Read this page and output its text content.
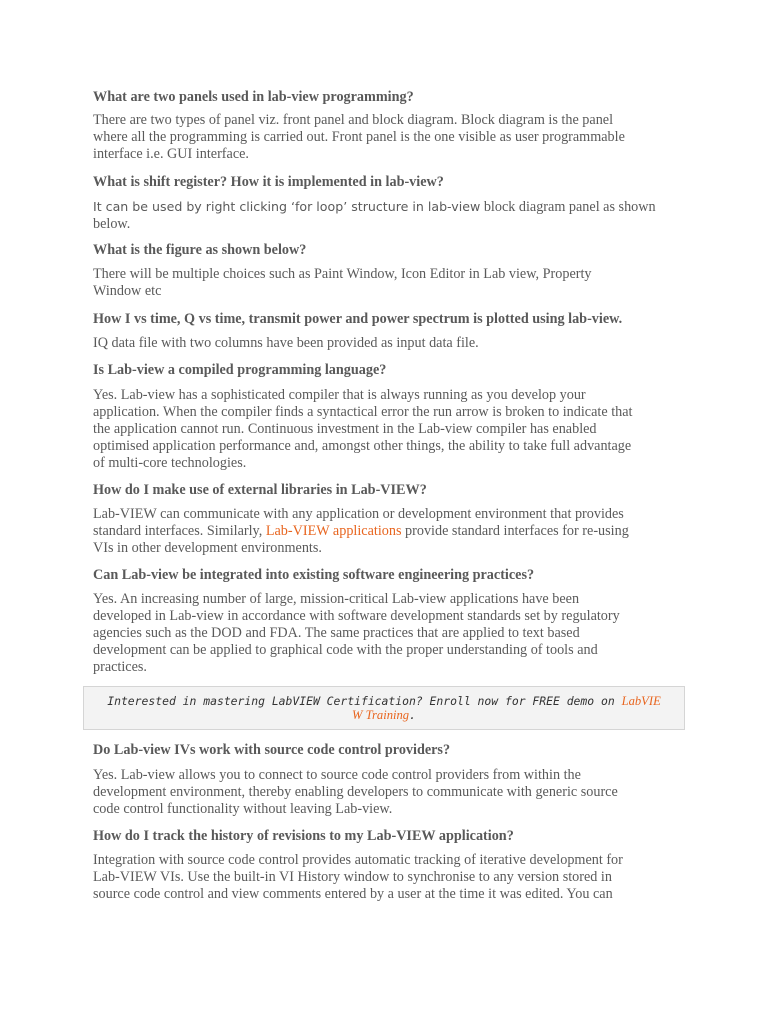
What are two panels used in lab-view programming?

There are two types of panel viz. front panel and block diagram. Block diagram is the panel

where all the programming is carried out. Front panel is the one visible as user programmable

interface i.e. GUI interface.

What is shift register? How it is implemented in lab-view?

It can be used by right clicking ‘for loop’ structure in lab-view block diagram panel as shown

below.

What is the figure as shown below?

There will be multiple choices such as Paint Window, Icon Editor in Lab view, Property

Window etc

How I vs time, Q vs time, transmit power and power spectrum is plotted using lab-view.

IQ data file with two columns have been provided as input data file.

Is Lab-view a compiled programming language?

Yes. Lab-view has a sophisticated compiler that is always running as you develop your

application. When the compiler finds a syntactical error the run arrow is broken to indicate that

the application cannot run. Continuous investment in the Lab-view compiler has enabled

optimised application performance and, amongst other things, the ability to take full advantage

of multi-core technologies.

How do I make use of external libraries in Lab-VIEW?

Lab-VIEW can communicate with any application or development environment that provides

standard interfaces. Similarly, Lab-VIEW applications provide standard interfaces for re-using

VIs in other development environments.

Can Lab-view be integrated into existing software engineering practices?

Yes. An increasing number of large, mission-critical Lab-view applications have been

developed in Lab-view in accordance with software development standards set by regulatory

agencies such as the DOD and FDA. The same practices that are applied to text based

development can be applied to graphical code with the proper understanding of tools and

practices.

Interested in mastering LabVIEW Certification? Enroll now for FREE demo on LabVIE
W Training.

Do Lab-view IVs work with source code control providers?

Yes. Lab-view allows you to connect to source code control providers from within the

development environment, thereby enabling developers to communicate with generic source

code control functionality without leaving Lab-view.

How do I track the history of revisions to my Lab-VIEW application?

Integration with source code control provides automatic tracking of iterative development for

Lab-VIEW VIs. Use the built-in VI History window to synchronise to any version stored in

source code control and view comments entered by a user at the time it was edited. You can
